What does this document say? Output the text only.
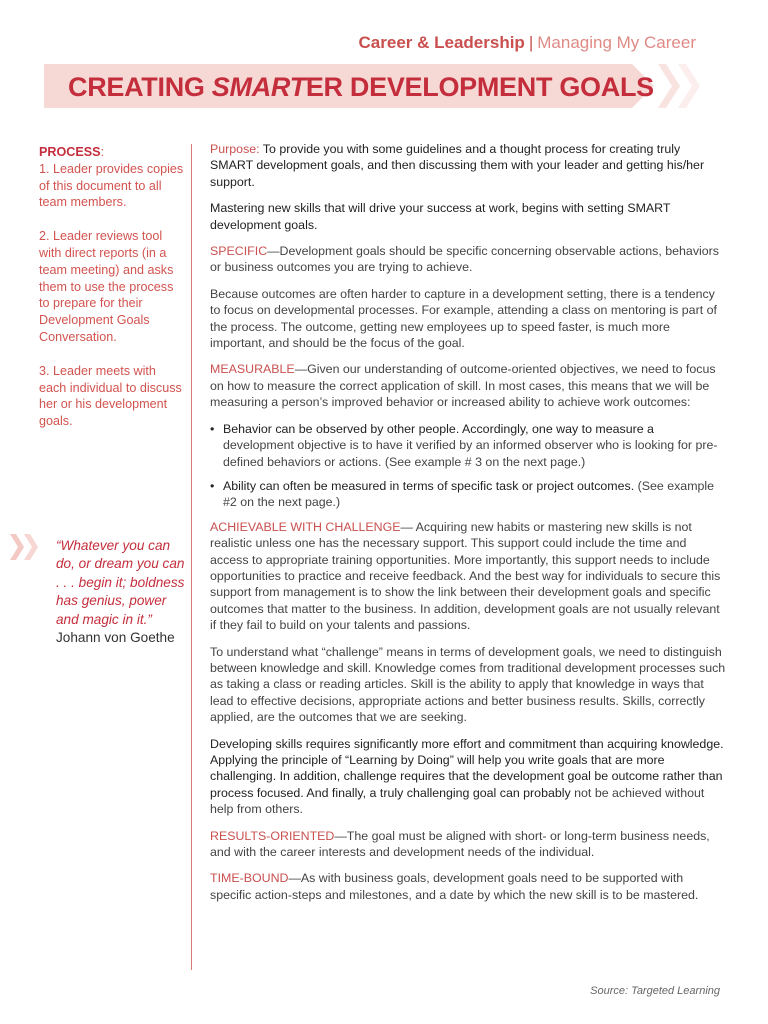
Career & Leadership | Managing My Career
CREATING SMARTER DEVELOPMENT GOALS

PROCESS:
1. Leader provides copies of this document to all team members.

2. Leader reviews tool with direct reports (in a team meeting) and asks them to use the process to prepare for their Development Goals Conversation.

3. Leader meets with each individual to discuss her or his development goals.

“Whatever you can do, or dream you can . . . begin it; boldness has genius, power and magic in it.”
Johann von Goethe

Purpose: To provide you with some guidelines and a thought process for creating truly SMART development goals, and then discussing them with your leader and getting his/her support.

Mastering new skills that will drive your success at work, begins with setting SMART development goals.

SPECIFIC—Development goals should be specific concerning observable actions, behaviors or business outcomes you are trying to achieve.

Because outcomes are often harder to capture in a development setting, there is a tendency to focus on developmental processes. For example, attending a class on mentoring is part of the process. The outcome, getting new employees up to speed faster, is much more important, and should be the focus of the goal.

MEASURABLE—Given our understanding of outcome-oriented objectives, we need to focus on how to measure the correct application of skill. In most cases, this means that we will be measuring a person’s improved behavior or increased ability to achieve work outcomes:

• Behavior can be observed by other people. Accordingly, one way to measure a development objective is to have it verified by an informed observer who is looking for pre-defined behaviors or actions. (See example # 3 on the next page.)
• Ability can often be measured in terms of specific task or project outcomes. (See example #2 on the next page.)

ACHIEVABLE WITH CHALLENGE— Acquiring new habits or mastering new skills is not realistic unless one has the necessary support. This support could include the time and access to appropriate training opportunities. More importantly, this support needs to include opportunities to practice and receive feedback. And the best way for individuals to secure this support from management is to show the link between their development goals and specific outcomes that matter to the business. In addition, development goals are not usually relevant if they fail to build on your talents and passions.

To understand what “challenge” means in terms of development goals, we need to distinguish between knowledge and skill. Knowledge comes from traditional development processes such as taking a class or reading articles. Skill is the ability to apply that knowledge in ways that lead to effective decisions, appropriate actions and better business results. Skills, correctly applied, are the outcomes that we are seeking.

Developing skills requires significantly more effort and commitment than acquiring knowledge. Applying the principle of “Learning by Doing” will help you write goals that are more challenging. In addition, challenge requires that the development goal be outcome rather than process focused. And finally, a truly challenging goal can probably not be achieved without help from others.

RESULTS-ORIENTED—The goal must be aligned with short- or long-term business needs, and with the career interests and development needs of the individual.

TIME-BOUND—As with business goals, development goals need to be supported with specific action-steps and milestones, and a date by which the new skill is to be mastered.

Source: Targeted Learning
